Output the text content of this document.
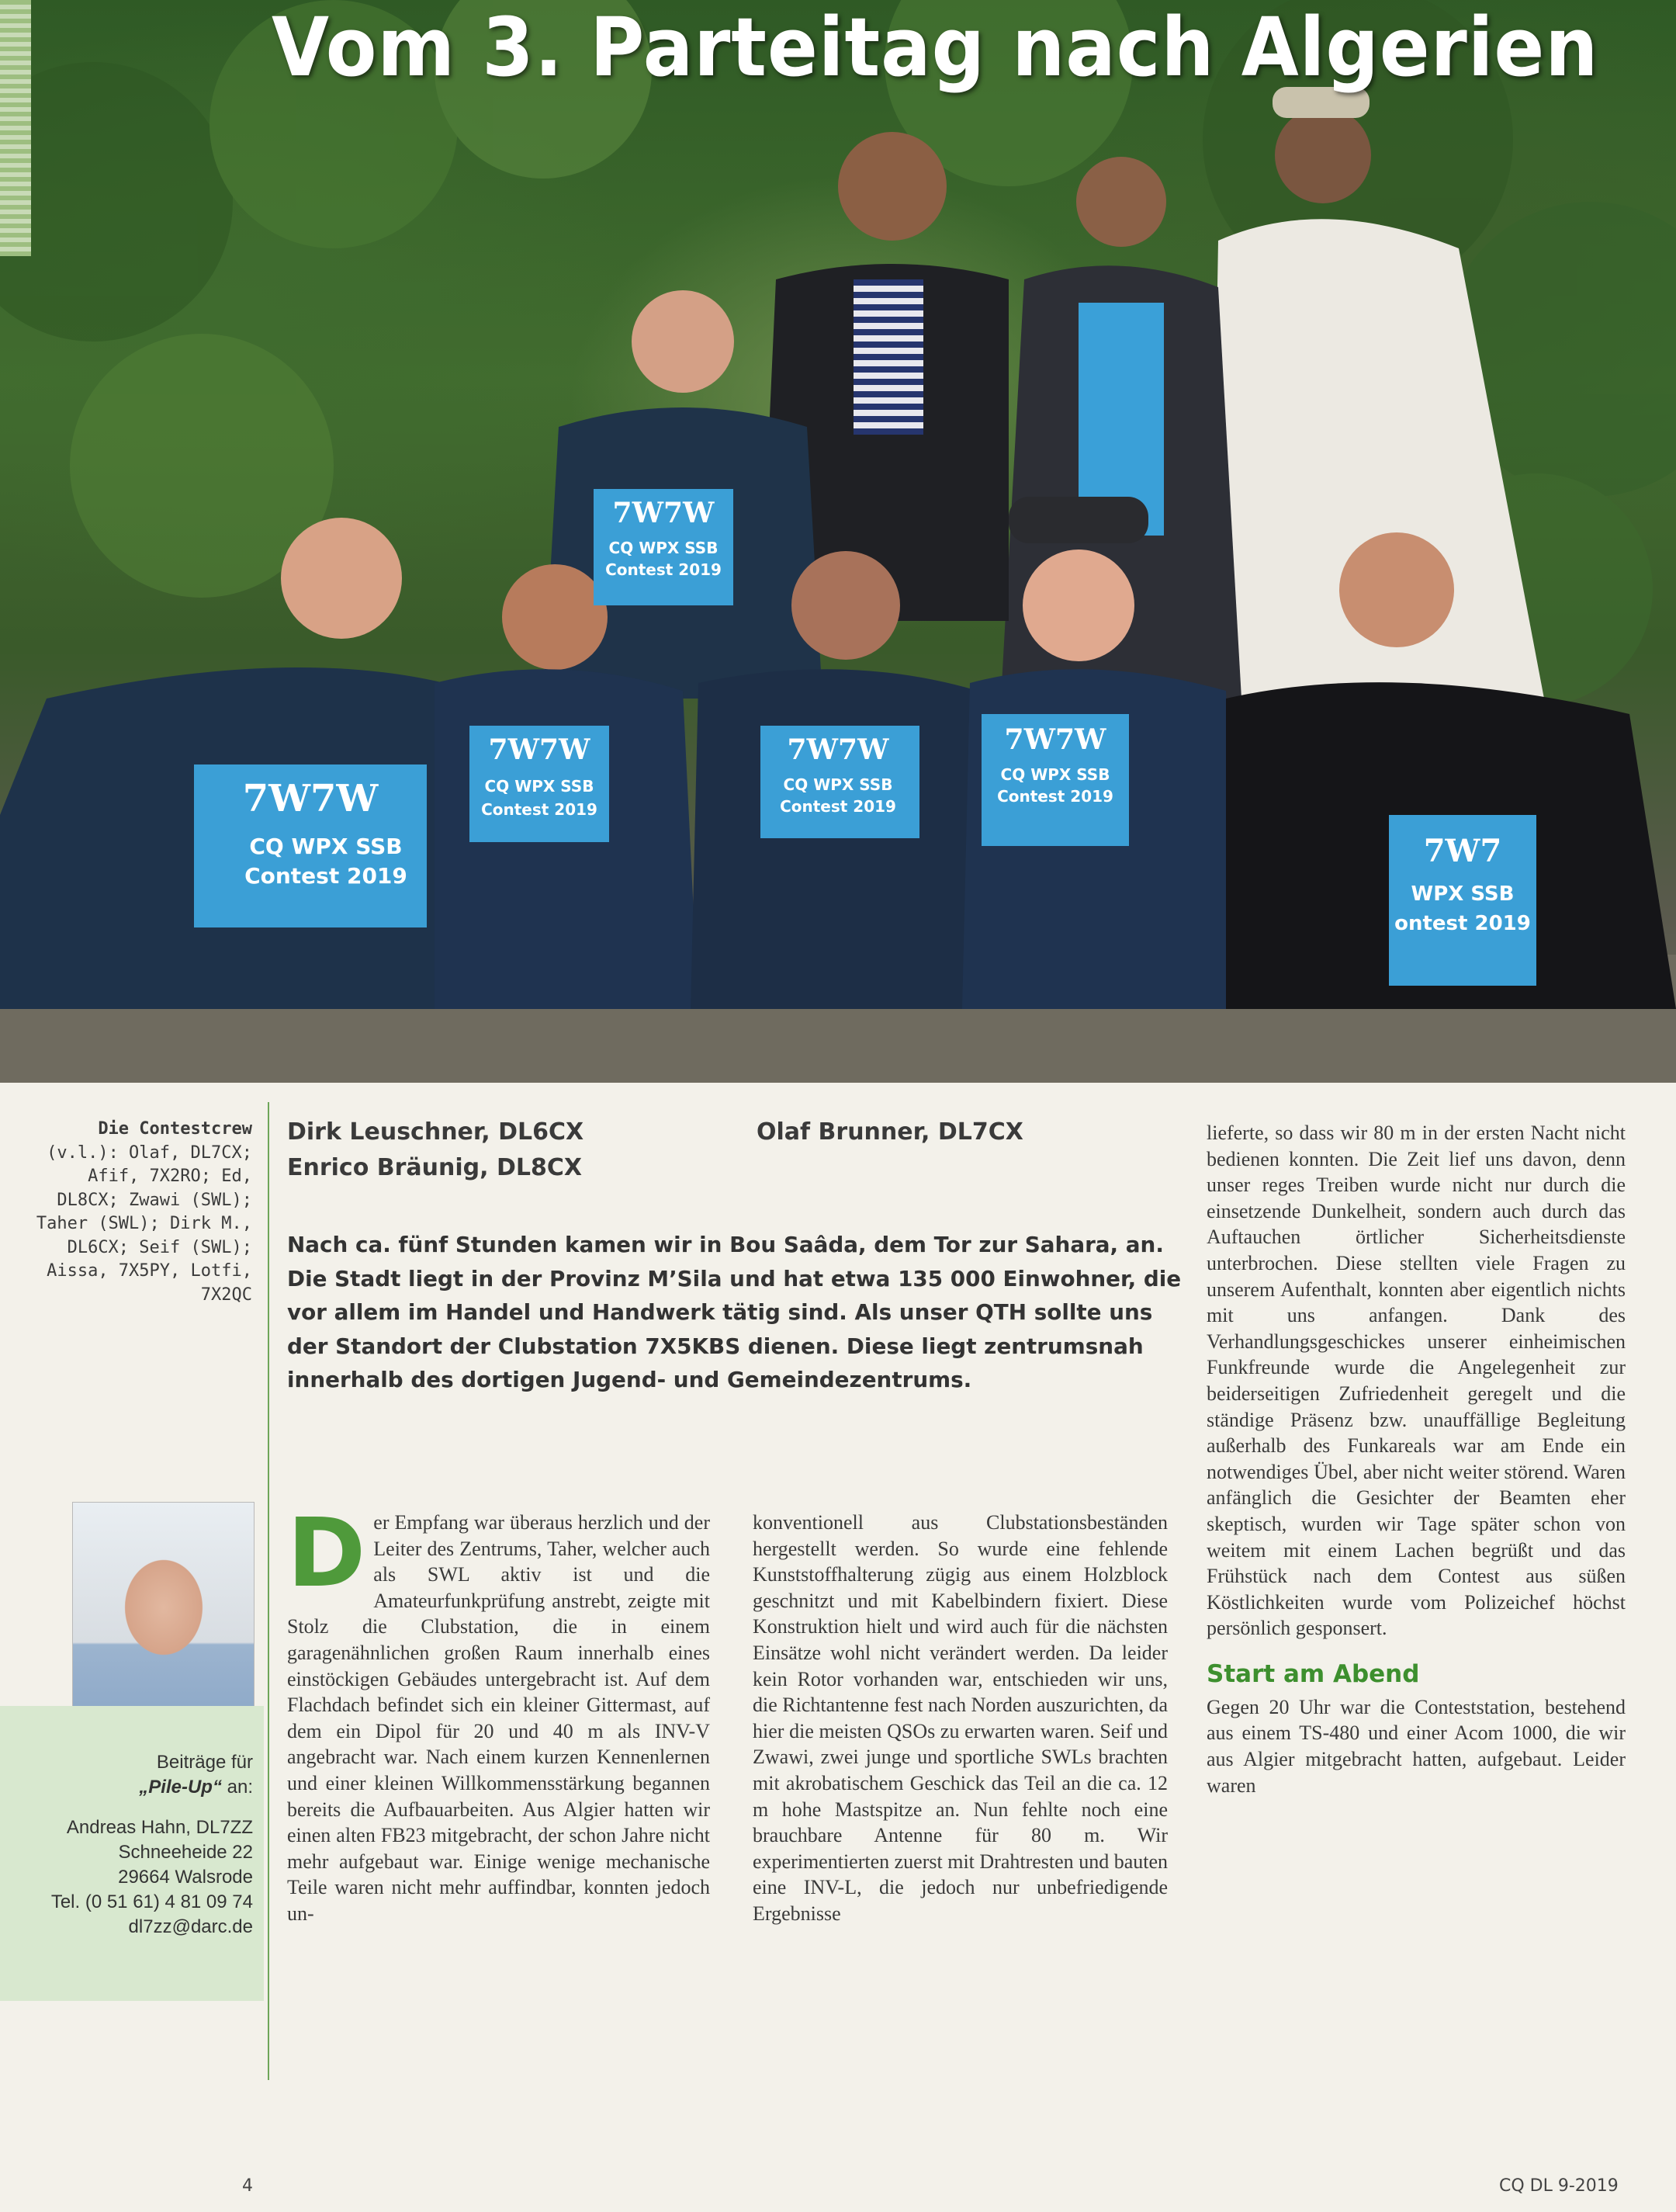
7W7W
CQ WPX SSB
Contest 2019
7W7W
CQ WPX SSB
Contest 2019
7W7W
CQ WPX SSB
Contest 2019
7W7W
CQ WPX SSB
Contest 2019
7W7W
CQ WPX SSB
Contest 2019
7W7
WPX SSB
ontest 2019
Vom 3. Parteitag nach Algerien

Die Contestcrew (v.l.): Olaf, DL7CX; Afif, 7X2RO; Ed, DL8CX; Zwawi (SWL); Taher (SWL); Dirk M., DL6CX; Seif (SWL); Aissa, 7X5PY, Lotfi, 7X2QC

Beiträge für
„Pile-Up“ an:
Andreas Hahn, DL7ZZ
Schneeheide 22
29664 Walsrode
Tel. (0 51 61) 4 81 09 74
dl7zz@darc.de
Dirk Leuschner, DL6CX
Enrico Bräunig, DL8CX
Olaf Brunner, DL7CX

Nach ca. fünf Stunden kamen wir in Bou Saâda, dem Tor zur Sahara, an. Die Stadt liegt in der Provinz M’Sila und hat etwa 135 000 Einwohner, die vor allem im Handel und Handwerk tätig sind. Als unser QTH sollte uns der Standort der Clubstation 7X5KBS dienen. Diese liegt zentrumsnah innerhalb des dortigen Jugend- und Gemeindezentrums.

Der Empfang war überaus herzlich und der Leiter des Zentrums, Taher, welcher auch als SWL aktiv ist und die Amateurfunkprüfung anstrebt, zeigte mit Stolz die Clubstation, die in einem garagenähnlichen großen Raum innerhalb eines einstöckigen Gebäudes untergebracht ist. Auf dem Flachdach befindet sich ein kleiner Gittermast, auf dem ein Dipol für 20 und 40 m als INV-V angebracht war. Nach einem kurzen Kennenlernen und einer kleinen Willkommensstärkung begannen bereits die Aufbauarbeiten. Aus Algier hatten wir einen alten FB23 mitgebracht, der schon Jahre nicht mehr aufgebaut war. Einige wenige mechanische Teile waren nicht mehr auffindbar, konnten jedoch un-

konventionell aus Clubstationsbeständen hergestellt werden. So wurde eine fehlende Kunststoffhalterung zügig aus einem Holzblock geschnitzt und mit Kabelbindern fixiert. Diese Konstruktion hielt und wird auch für die nächsten Einsätze wohl nicht verändert werden. Da leider kein Rotor vorhanden war, entschieden wir uns, die Richtantenne fest nach Norden auszurichten, da hier die meisten QSOs zu erwarten waren. Seif und Zwawi, zwei junge und sportliche SWLs brachten mit akrobatischem Geschick das Teil an die ca. 12 m hohe Mastspitze an. Nun fehlte noch eine brauchbare Antenne für 80 m. Wir experimentierten zuerst mit Drahtresten und bauten eine INV-L, die jedoch nur unbefriedigende Ergebnisse

lieferte, so dass wir 80 m in der ersten Nacht nicht bedienen konnten. Die Zeit lief uns davon, denn unser reges Treiben wurde nicht nur durch die einsetzende Dunkelheit, sondern auch durch das Auftauchen örtlicher Sicherheitsdienste unterbrochen. Diese stellten viele Fragen zu unserem Aufenthalt, konnten aber eigentlich nichts mit uns anfangen. Dank des Verhandlungsgeschickes unserer einheimischen Funkfreunde wurde die Angelegenheit zur beiderseitigen Zufriedenheit geregelt und die ständige Präsenz bzw. unauffällige Begleitung außerhalb des Funkareals war am Ende ein notwendiges Übel, aber nicht weiter störend. Waren anfänglich die Gesichter der Beamten eher skeptisch, wurden wir Tage später schon von weitem mit einem Lachen begrüßt und das Frühstück nach dem Contest aus süßen Köstlichkeiten wurde vom Polizeichef höchst persönlich gesponsert.

Start am Abend

Gegen 20 Uhr war die Conteststation, bestehend aus einem TS-480 und einer Acom 1000, die wir aus Algier mitgebracht hatten, aufgebaut. Leider waren

4	CQ DL 9-2019
